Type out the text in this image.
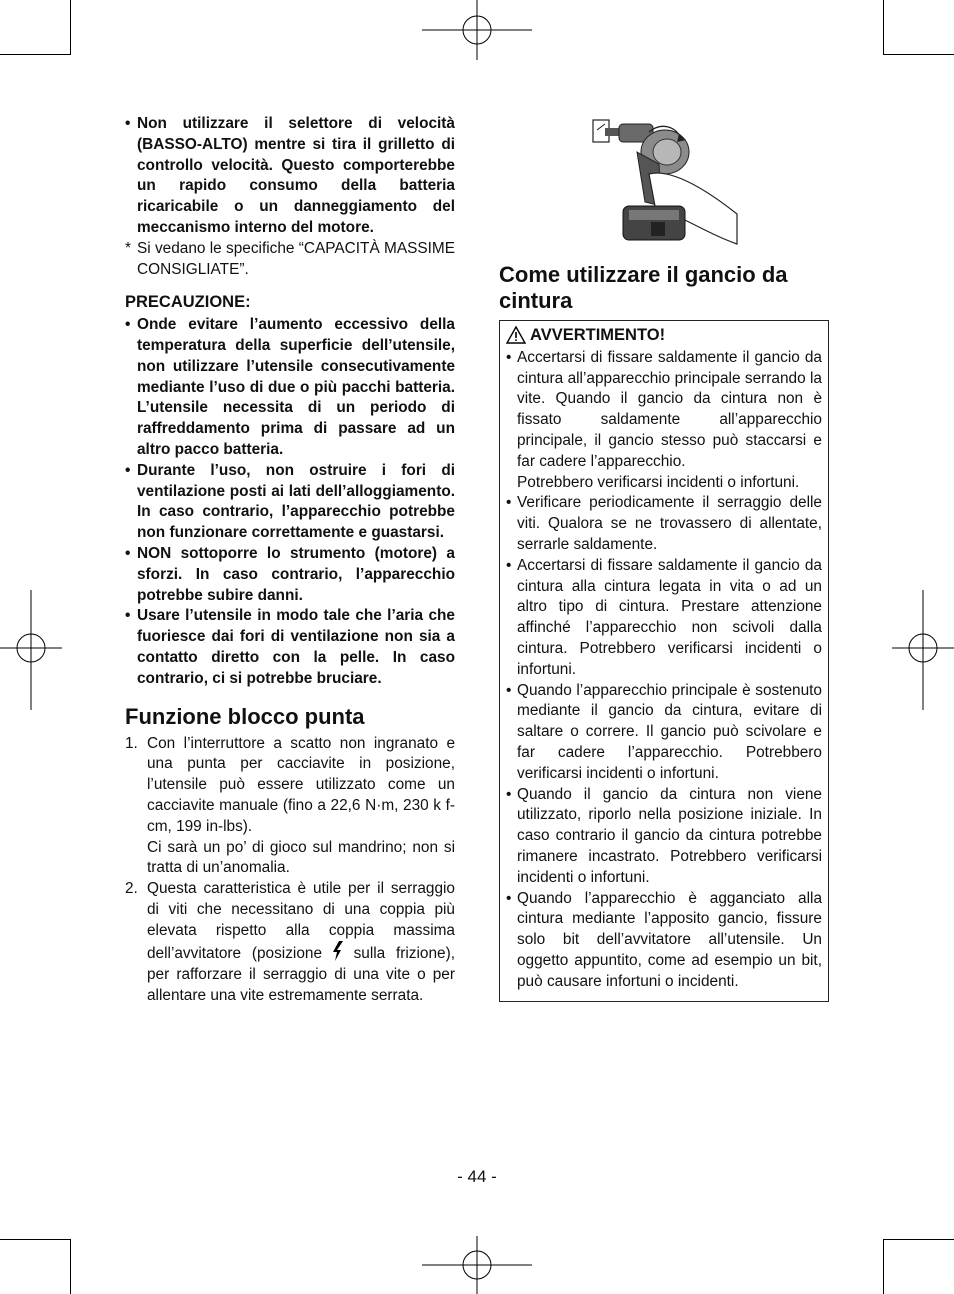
• Non utilizzare il selettore di velocità (BASSO-ALTO) mentre si tira il grilletto di controllo velocità. Questo comporterebbe un rapido consumo della batteria ricaricabile o un danneggiamento del meccanismo interno del motore.
* Si vedano le specifiche “CAPACITÀ MASSIME CONSIGLIATE”.
PRECAUZIONE:
• Onde evitare l’aumento eccessivo della temperatura della superficie dell’utensile, non utilizzare l’utensile consecutivamente mediante l’uso di due o più pacchi batteria. L’utensile necessita di un periodo di raffreddamento prima di passare ad un altro pacco batteria.
• Durante l’uso, non ostruire i fori di ventilazione posti ai lati dell’alloggiamento. In caso contrario, l’apparecchio potrebbe non funzionare correttamente e guastarsi.
• NON sottoporre lo strumento (motore) a sforzi. In caso contrario, l’apparecchio potrebbe subire danni.
• Usare l’utensile in modo tale che l’aria che fuoriesce dai fori di ventilazione non sia a contatto diretto con la pelle. In caso contrario, ci si potrebbe bruciare.
Funzione blocco punta
1. Con l’interruttore a scatto non ingranato e una punta per cacciavite in posizione, l’utensile può essere utilizzato come un cacciavite manuale (fino a 22,6 N·m, 230 k f-cm, 199 in-lbs).
Ci sarà un po’ di gioco sul mandrino; non si tratta di un’anomalia.
2. Questa caratteristica è utile per il serraggio di viti che necessitano di una coppia più elevata rispetto alla coppia massima dell’avvitatore (posizione sulla frizione), per rafforzare il serraggio di una vite o per allentare una vite estremamente serrata.
Come utilizzare il gancio da cintura
AVVERTIMENTO!
• Accertarsi di fissare saldamente il gancio da cintura all’apparecchio principale serrando la vite. Quando il gancio da cintura non è fissato saldamente all’apparecchio principale, il gancio stesso può staccarsi e far cadere l’apparecchio.
Potrebbero verificarsi incidenti o infortuni.
• Verificare periodicamente il serraggio delle viti. Qualora se ne trovassero di allentate, serrarle saldamente.
• Accertarsi di fissare saldamente il gancio da cintura alla cintura legata in vita o ad un altro tipo di cintura. Prestare attenzione affinché l’apparecchio non scivoli dalla cintura. Potrebbero verificarsi incidenti o infortuni.
• Quando l’apparecchio principale è sostenuto mediante il gancio da cintura, evitare di saltare o correre. Il gancio può scivolare e far cadere l’apparecchio. Potrebbero verificarsi incidenti o infortuni.
• Quando il gancio da cintura non viene utilizzato, riporlo nella posizione iniziale. In caso contrario il gancio da cintura potrebbe rimanere incastrato. Potrebbero verificarsi incidenti o infortuni.
• Quando l’apparecchio è agganciato alla cintura mediante l’apposito gancio, fissure solo bit dell’avvitatore all’utensile. Un oggetto appuntito, come ad esempio un bit, può causare infortuni o incidenti.
- 44 -
